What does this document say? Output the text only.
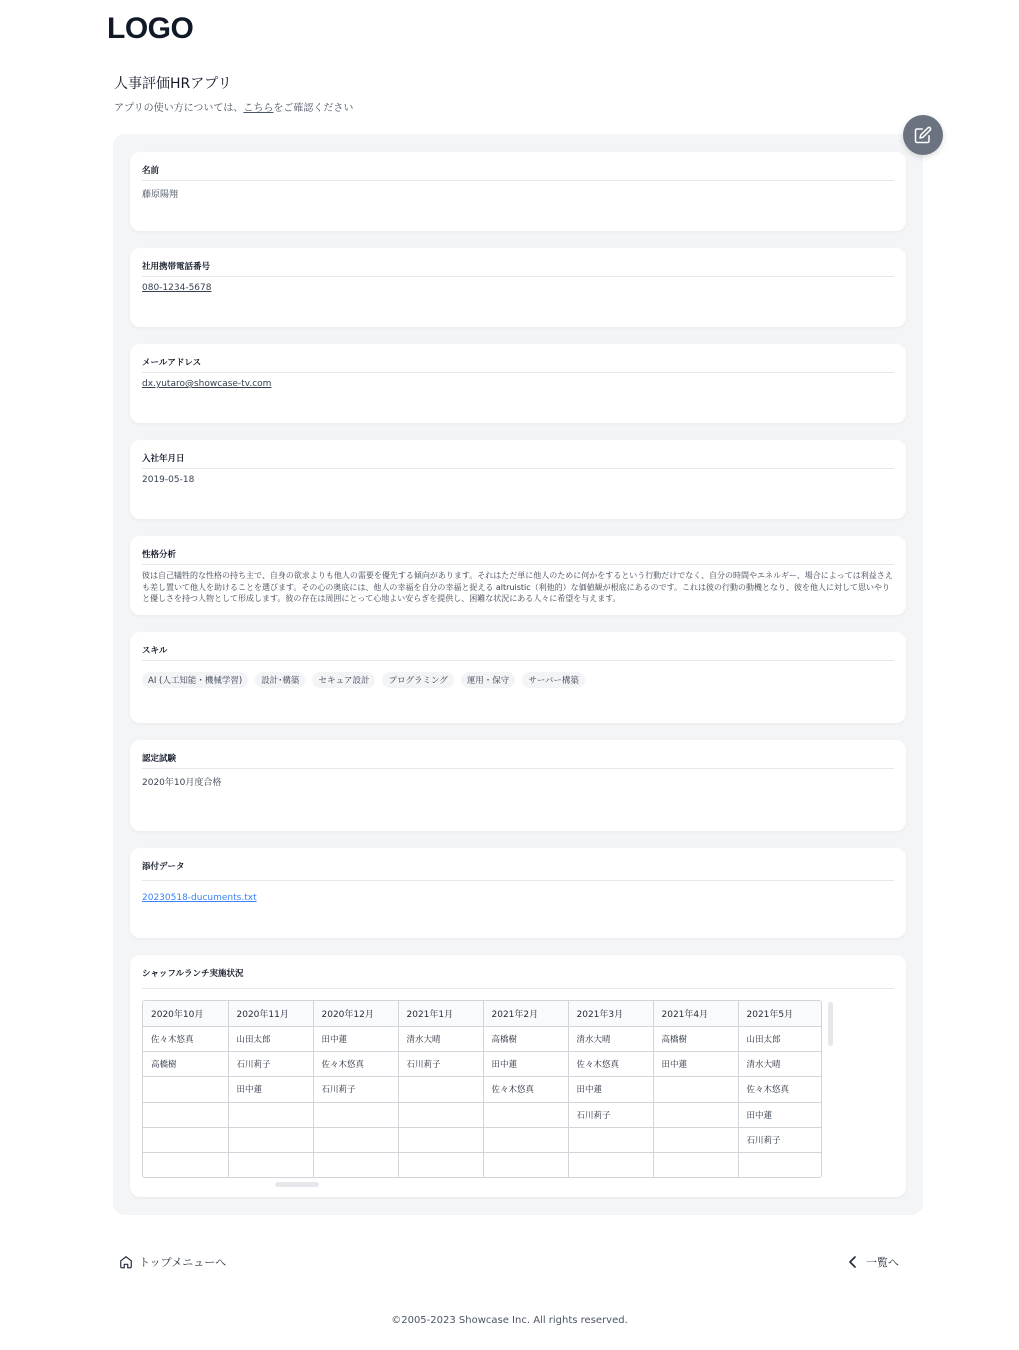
LOGO
人事評価HRアプリ
アプリの使い方については、こちらをご確認ください
名前
藤原陽翔
社用携帯電話番号
080-1234-5678
メールアドレス
dx.yutaro@showcase-tv.com
入社年月日
2019-05-18
性格分析
彼は自己犠牲的な性格の持ち主で、自身の欲求よりも他人の需要を優先する傾向があります。それはただ単に他人のために何かをするという行動だけでなく、自分の時間やエネルギー、場合によっては利益さえも差し置いて他人を助けることを選びます。その心の奥底には、他人の幸福を自分の幸福と捉える altruistic（利他的）な価値観が根底にあるのです。これは彼の行動の動機となり、彼を他人に対して思いやりと優しさを持つ人物として形成します。彼の存在は周囲にとって心地よい安らぎを提供し、困難な状況にある人々に希望を与えます。
スキル
AI (人工知能・機械学習)	設計･構築	セキュア設計	プログラミング	運用・保守	サーバー構築
認定試験
2020年10月度合格
添付データ
20230518-ducuments.txt
シャッフルランチ実施状況
2020年10月	2020年11月	2020年12月	2021年1月	2021年2月	2021年3月	2021年4月	2021年5月
佐々木悠真	山田太郎	田中蓮	清水大晴	高橋樹	清水大晴	高橋樹	山田太郎
高橋樹	石川莉子	佐々木悠真	石川莉子	田中蓮	佐々木悠真	田中蓮	清水大晴
	田中蓮	石川莉子		佐々木悠真	田中蓮		佐々木悠真
					石川莉子		田中蓮
							石川莉子

トップメニューへ	一覧へ
©2005-2023 Showcase Inc. All rights reserved.
